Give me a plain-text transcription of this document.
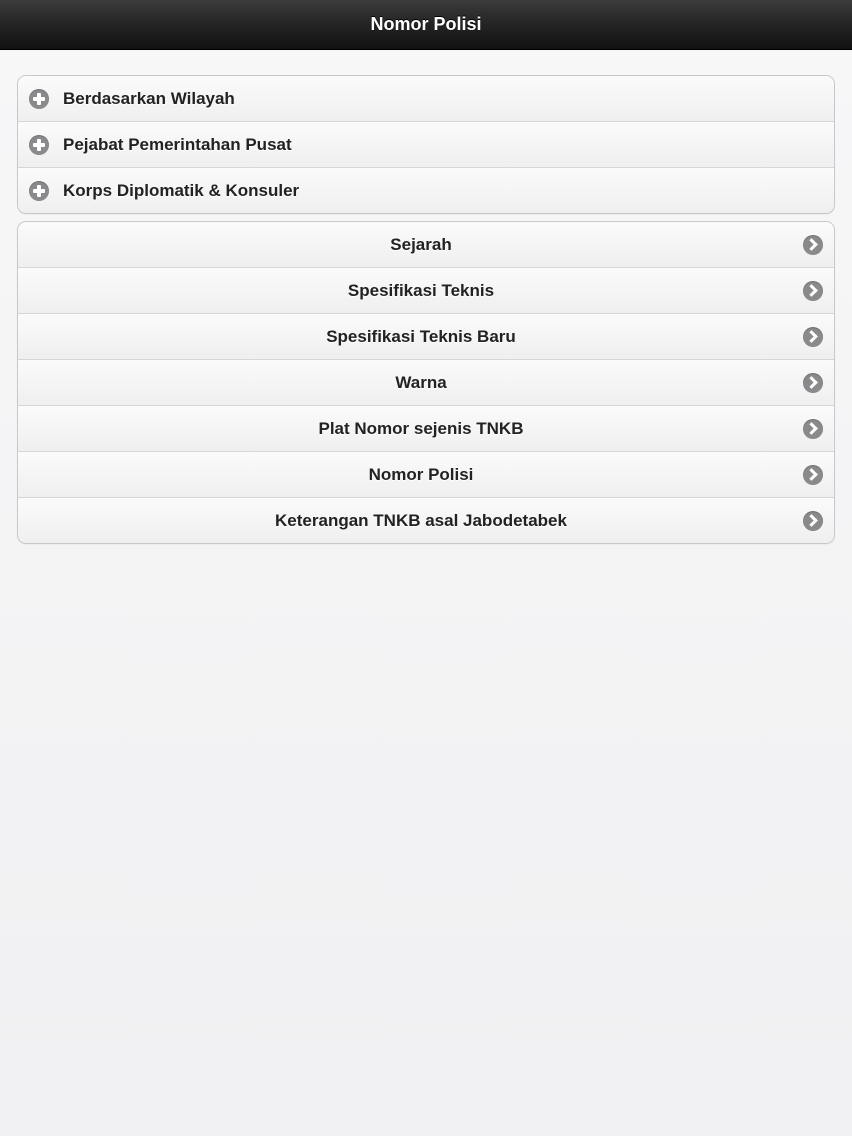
Nomor Polisi
Berdasarkan Wilayah
Pejabat Pemerintahan Pusat
Korps Diplomatik & Konsuler
Sejarah
Spesifikasi Teknis
Spesifikasi Teknis Baru
Warna
Plat Nomor sejenis TNKB
Nomor Polisi
Keterangan TNKB asal Jabodetabek
